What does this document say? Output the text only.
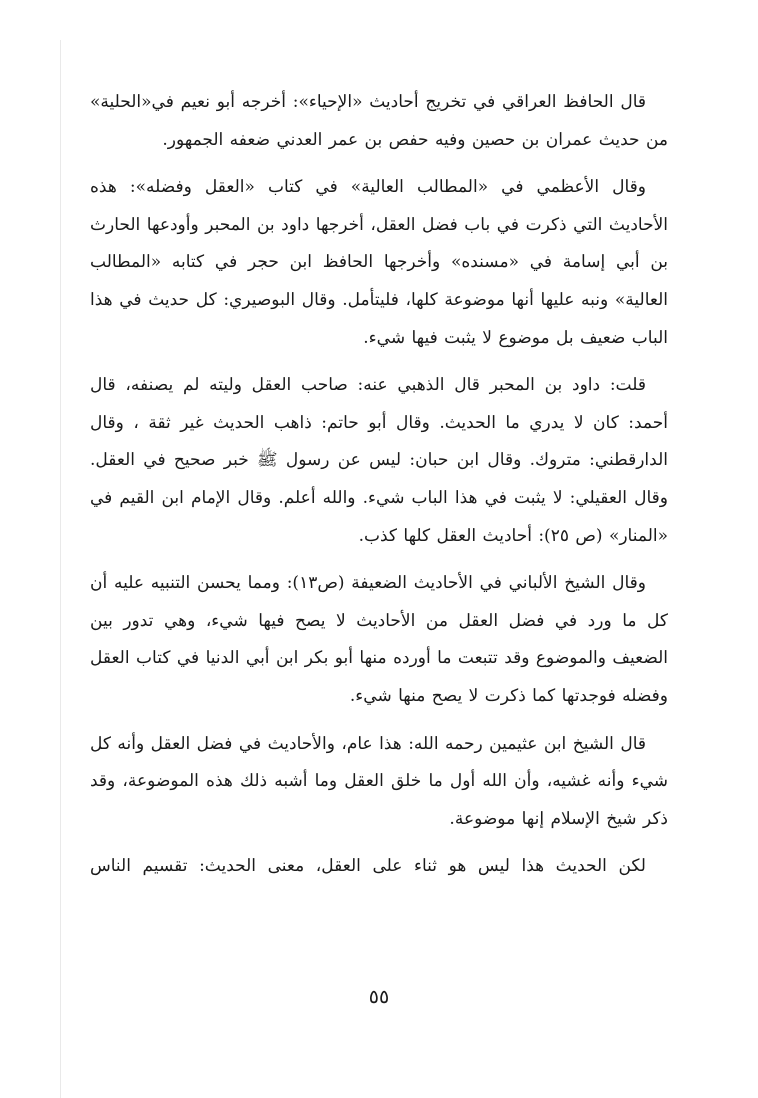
قال الحافظ العراقي في تخريج أحاديث «الإحياء»: أخرجه أبو نعيم في«الحلية» من حديث عمران بن حصين وفيه حفص بن عمر العدني ضعفه الجمهور.

وقال الأعظمي في «المطالب العالية» في كتاب «العقل وفضله»: هذه الأحاديث التي ذكرت في باب فضل العقل، أخرجها داود بن المحبر وأودعها الحارث بن أبي إسامة في «مسنده» وأخرجها الحافظ ابن حجر في كتابه «المطالب العالية» ونبه عليها أنها موضوعة كلها، فليتأمل. وقال البوصيري: كل حديث في هذا الباب ضعيف بل موضوع لا يثبت فيها شيء.

قلت: داود بن المحبر قال الذهبي عنه: صاحب العقل وليته لم يصنفه، قال أحمد: كان لا يدري ما الحديث. وقال أبو حاتم: ذاهب الحديث غير ثقة ، وقال الدارقطني: متروك. وقال ابن حبان: ليس عن رسول ﷺ خبر صحيح في العقل. وقال العقيلي: لا يثبت في هذا الباب شيء. والله أعلم. وقال الإمام ابن القيم في «المنار» (ص ٢٥): أحاديث العقل كلها كذب.

وقال الشيخ الألباني في الأحاديث الضعيفة (ص١٣): ومما يحسن التنبيه عليه أن كل ما ورد في فضل العقل من الأحاديث لا يصح فيها شيء، وهي تدور بين الضعيف والموضوع وقد تتبعت ما أورده منها أبو بكر ابن أبي الدنيا في كتاب العقل وفضله فوجدتها كما ذكرت لا يصح منها شيء.

قال الشيخ ابن عثيمين رحمه الله: هذا عام، والأحاديث في فضل العقل وأنه كل شيء وأنه غشيه، وأن الله أول ما خلق العقل وما أشبه ذلك هذه الموضوعة، وقد ذكر شيخ الإسلام إنها موضوعة.

لكن الحديث هذا ليس هو ثناء على العقل، معنى الحديث: تقسيم الناس

٥٥
